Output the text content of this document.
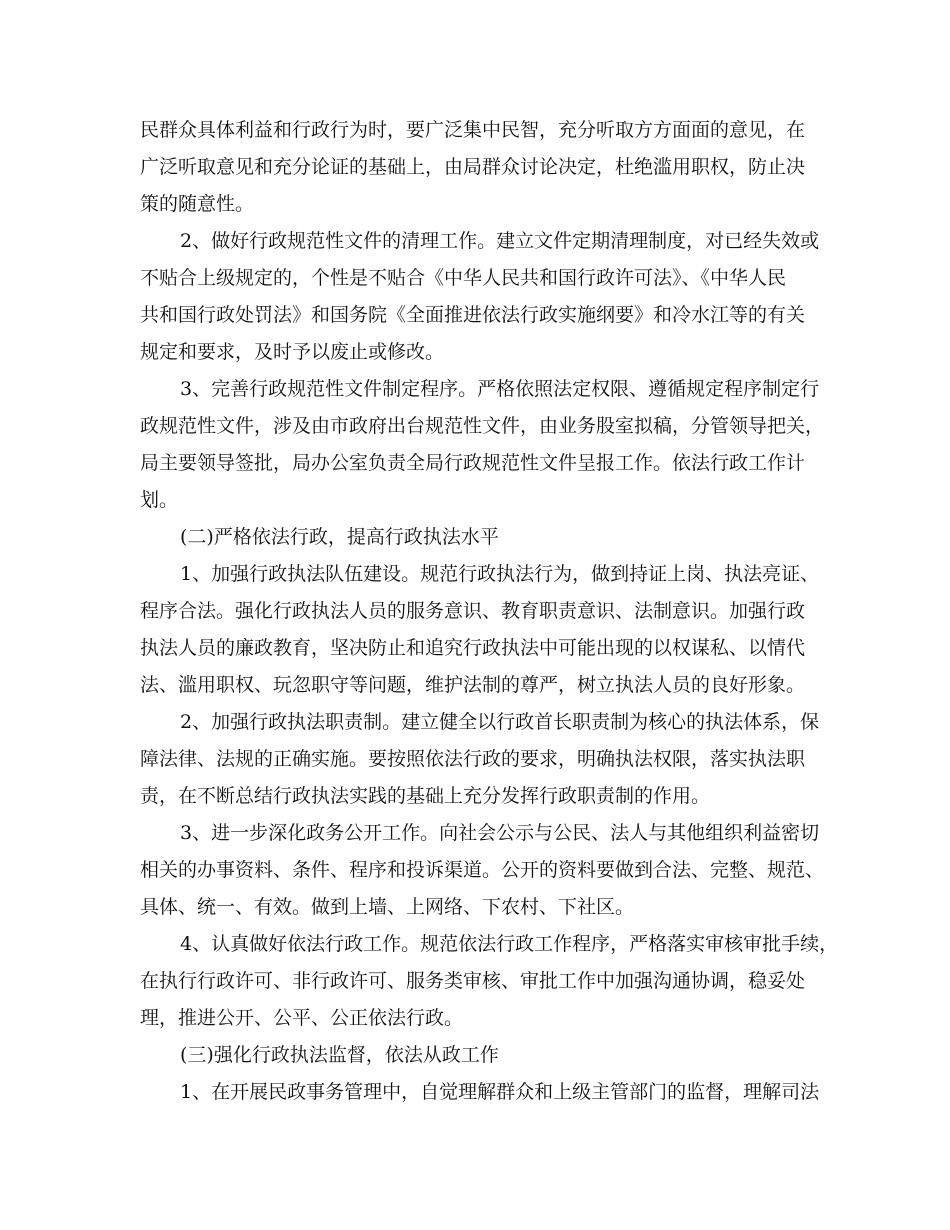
民群众具体利益和行政行为时，要广泛集中民智，充分听取方方面面的意见，在
广泛听取意见和充分论证的基础上，由局群众讨论决定，杜绝滥用职权，防止决
策的随意性。
2、做好行政规范性文件的清理工作。建立文件定期清理制度，对已经失效或
不贴合上级规定的，个性是不贴合《中华人民共和国行政许可法》、《中华人民
共和国行政处罚法》和国务院《全面推进依法行政实施纲要》和冷水江等的有关
规定和要求，及时予以废止或修改。
3、完善行政规范性文件制定程序。严格依照法定权限、遵循规定程序制定行
政规范性文件，涉及由市政府出台规范性文件，由业务股室拟稿，分管领导把关，
局主要领导签批，局办公室负责全局行政规范性文件呈报工作。依法行政工作计
划。
(二)严格依法行政，提高行政执法水平
1、加强行政执法队伍建设。规范行政执法行为，做到持证上岗、执法亮证、
程序合法。强化行政执法人员的服务意识、教育职责意识、法制意识。加强行政
执法人员的廉政教育，坚决防止和追究行政执法中可能出现的以权谋私、以情代
法、滥用职权、玩忽职守等问题，维护法制的尊严，树立执法人员的良好形象。
2、加强行政执法职责制。建立健全以行政首长职责制为核心的执法体系，保
障法律、法规的正确实施。要按照依法行政的要求，明确执法权限，落实执法职
责，在不断总结行政执法实践的基础上充分发挥行政职责制的作用。
3、进一步深化政务公开工作。向社会公示与公民、法人与其他组织利益密切
相关的办事资料、条件、程序和投诉渠道。公开的资料要做到合法、完整、规范、
具体、统一、有效。做到上墙、上网络、下农村、下社区。
4、认真做好依法行政工作。规范依法行政工作程序，严格落实审核审批手续，
在执行行政许可、非行政许可、服务类审核、审批工作中加强沟通协调，稳妥处
理，推进公开、公平、公正依法行政。
(三)强化行政执法监督，依法从政工作
1、在开展民政事务管理中，自觉理解群众和上级主管部门的监督，理解司法
